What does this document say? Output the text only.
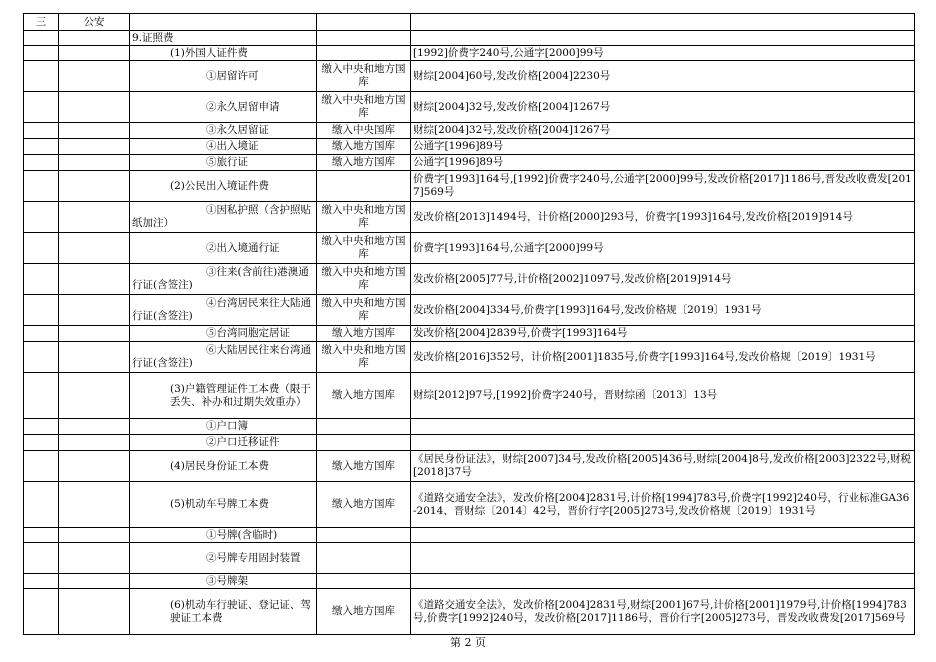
三	公安			
		9.证照费		
		(1)外国人证件费		[1992]价费字240号,公通字[2000]99号
		①居留许可	缴入中央和地方国库	财综[2004]60号,发改价格[2004]2230号
		②永久居留申请	缴入中央和地方国库	财综[2004]32号,发改价格[2004]1267号
		③永久居留证	缴入中央国库	财综[2004]32号,发改价格[2004]1267号
		④出入境证	缴入地方国库	公通字[1996]89号
		⑤旅行证	缴入地方国库	公通字[1996]89号
		(2)公民出入境证件费		价费字[1993]164号,[1992]价费字240号,公通字[2000]99号,发改价格[2017]1186号,晋发改收费发[2017]569号
		①因私护照（含护照贴纸加注）	缴入中央和地方国库	发改价格[2013]1494号，计价格[2000]293号，价费字[1993]164号,发改价格[2019]914号
		②出入境通行证	缴入中央和地方国库	价费字[1993]164号,公通字[2000]99号
		③往来(含前往)港澳通行证(含签注)	缴入中央和地方国库	发改价格[2005]77号,计价格[2002]1097号,发改价格[2019]914号
		④台湾居民来往大陆通行证(含签注)	缴入中央和地方国库	发改价格[2004]334号,价费字[1993]164号,发改价格规〔2019〕1931号
		⑤台湾同胞定居证	缴入地方国库	发改价格[2004]2839号,价费字[1993]164号
		⑥大陆居民往来台湾通行证(含签注)	缴入中央和地方国库	发改价格[2016]352号，计价格[2001]1835号,价费字[1993]164号,发改价格规〔2019〕1931号
		(3)户籍管理证件工本费（限于丢失、补办和过期失效重办）	缴入地方国库	财综[2012]97号,[1992]价费字240号，晋财综函〔2013〕13号
		①户口簿		
		②户口迁移证件		
		(4)居民身份证工本费	缴入地方国库	《居民身份证法》，财综[2007]34号,发改价格[2005]436号,财综[2004]8号,发改价格[2003]2322号,财税[2018]37号
		(5)机动车号牌工本费	缴入地方国库	《道路交通安全法》，发改价格[2004]2831号,计价格[1994]783号,价费字[1992]240号，行业标准GA36-2014、晋财综〔2014〕42号，晋价行字[2005]273号,发改价格规〔2019〕1931号
		①号牌(含临时)		
		②号牌专用固封装置		
		③号牌架		
		(6)机动车行驶证、登记证、驾驶证工本费	缴入地方国库	《道路交通安全法》，发改价格[2004]2831号,财综[2001]67号,计价格[2001]1979号,计价格[1994]783号,价费字[1992]240号，发改价格[2017]1186号，晋价行字[2005]273号，晋发改收费发[2017]569号
第 2 页
